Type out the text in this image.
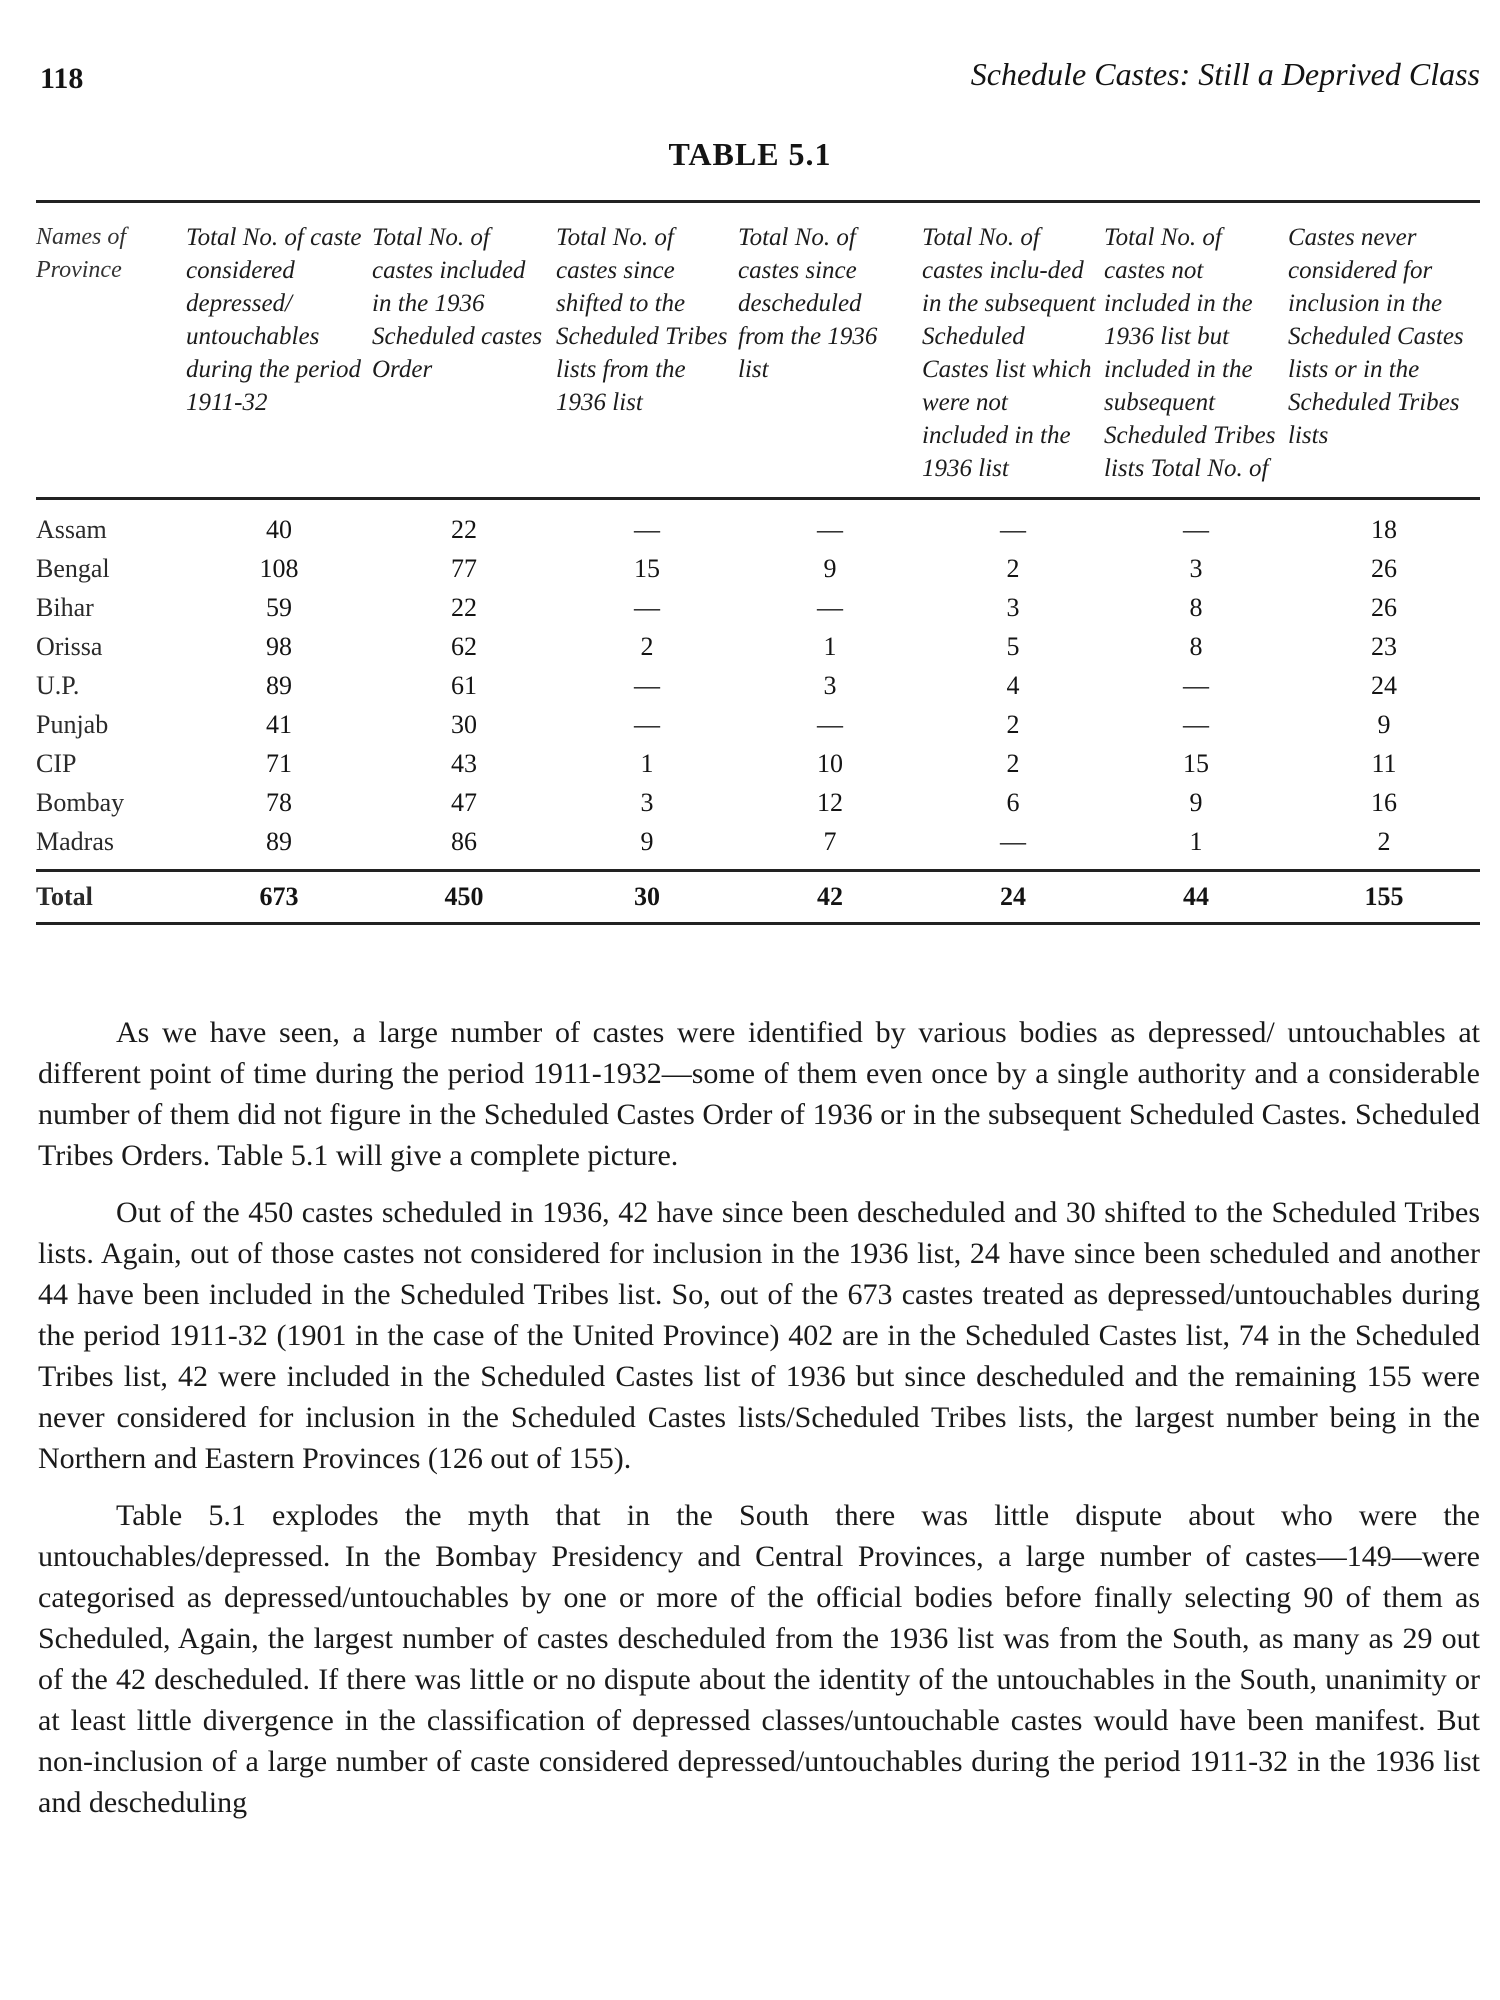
118	Schedule Castes: Still a Deprived Class
TABLE 5.1
Names of Province	Total No. of caste considered depressed/ untouchables during the period 1911-32	Total No. of castes included in the 1936 Scheduled castes Order	Total No. of castes since shifted to the Scheduled Tribes lists from the 1936 list	Total No. of castes since descheduled from the 1936 list	Total No. of castes inclu-ded in the subsequent Scheduled Castes list which were not included in the 1936 list	Total No. of castes not included in the 1936 list but included in the subsequent Scheduled Tribes lists Total No. of	Castes never considered for inclusion in the Scheduled Castes lists or in the Scheduled Tribes lists
Assam	40	22	—	—	—	—	18
Bengal	108	77	15	9	2	3	26
Bihar	59	22	—	—	3	8	26
Orissa	98	62	2	1	5	8	23
U.P.	89	61	—	3	4	—	24
Punjab	41	30	—	—	2	—	9
CIP	71	43	1	10	2	15	11
Bombay	78	47	3	12	6	9	16
Madras	89	86	9	7	—	1	2
Total	673	450	30	42	24	44	155

As we have seen, a large number of castes were identified by various bodies as depressed/ untouchables at different point of time during the period 1911-1932—some of them even once by a single authority and a considerable number of them did not figure in the Scheduled Castes Order of 1936 or in the subsequent Scheduled Castes. Scheduled Tribes Orders. Table 5.1 will give a complete picture.

Out of the 450 castes scheduled in 1936, 42 have since been descheduled and 30 shifted to the Scheduled Tribes lists. Again, out of those castes not considered for inclusion in the 1936 list, 24 have since been scheduled and another 44 have been included in the Scheduled Tribes list. So, out of the 673 castes treated as depressed/untouchables during the period 1911-32 (1901 in the case of the United Province) 402 are in the Scheduled Castes list, 74 in the Scheduled Tribes list, 42 were included in the Scheduled Castes list of 1936 but since descheduled and the remaining 155 were never considered for inclusion in the Scheduled Castes lists/Scheduled Tribes lists, the largest number being in the Northern and Eastern Provinces (126 out of 155).

Table 5.1 explodes the myth that in the South there was little dispute about who were the untouchables/depressed. In the Bombay Presidency and Central Provinces, a large number of castes—149—were categorised as depressed/untouchables by one or more of the official bodies before finally selecting 90 of them as Scheduled, Again, the largest number of castes descheduled from the 1936 list was from the South, as many as 29 out of the 42 descheduled. If there was little or no dispute about the identity of the untouchables in the South, unanimity or at least little divergence in the classification of depressed classes/untouchable castes would have been manifest. But non-inclusion of a large number of caste considered depressed/untouchables during the period 1911-32 in the 1936 list and descheduling
